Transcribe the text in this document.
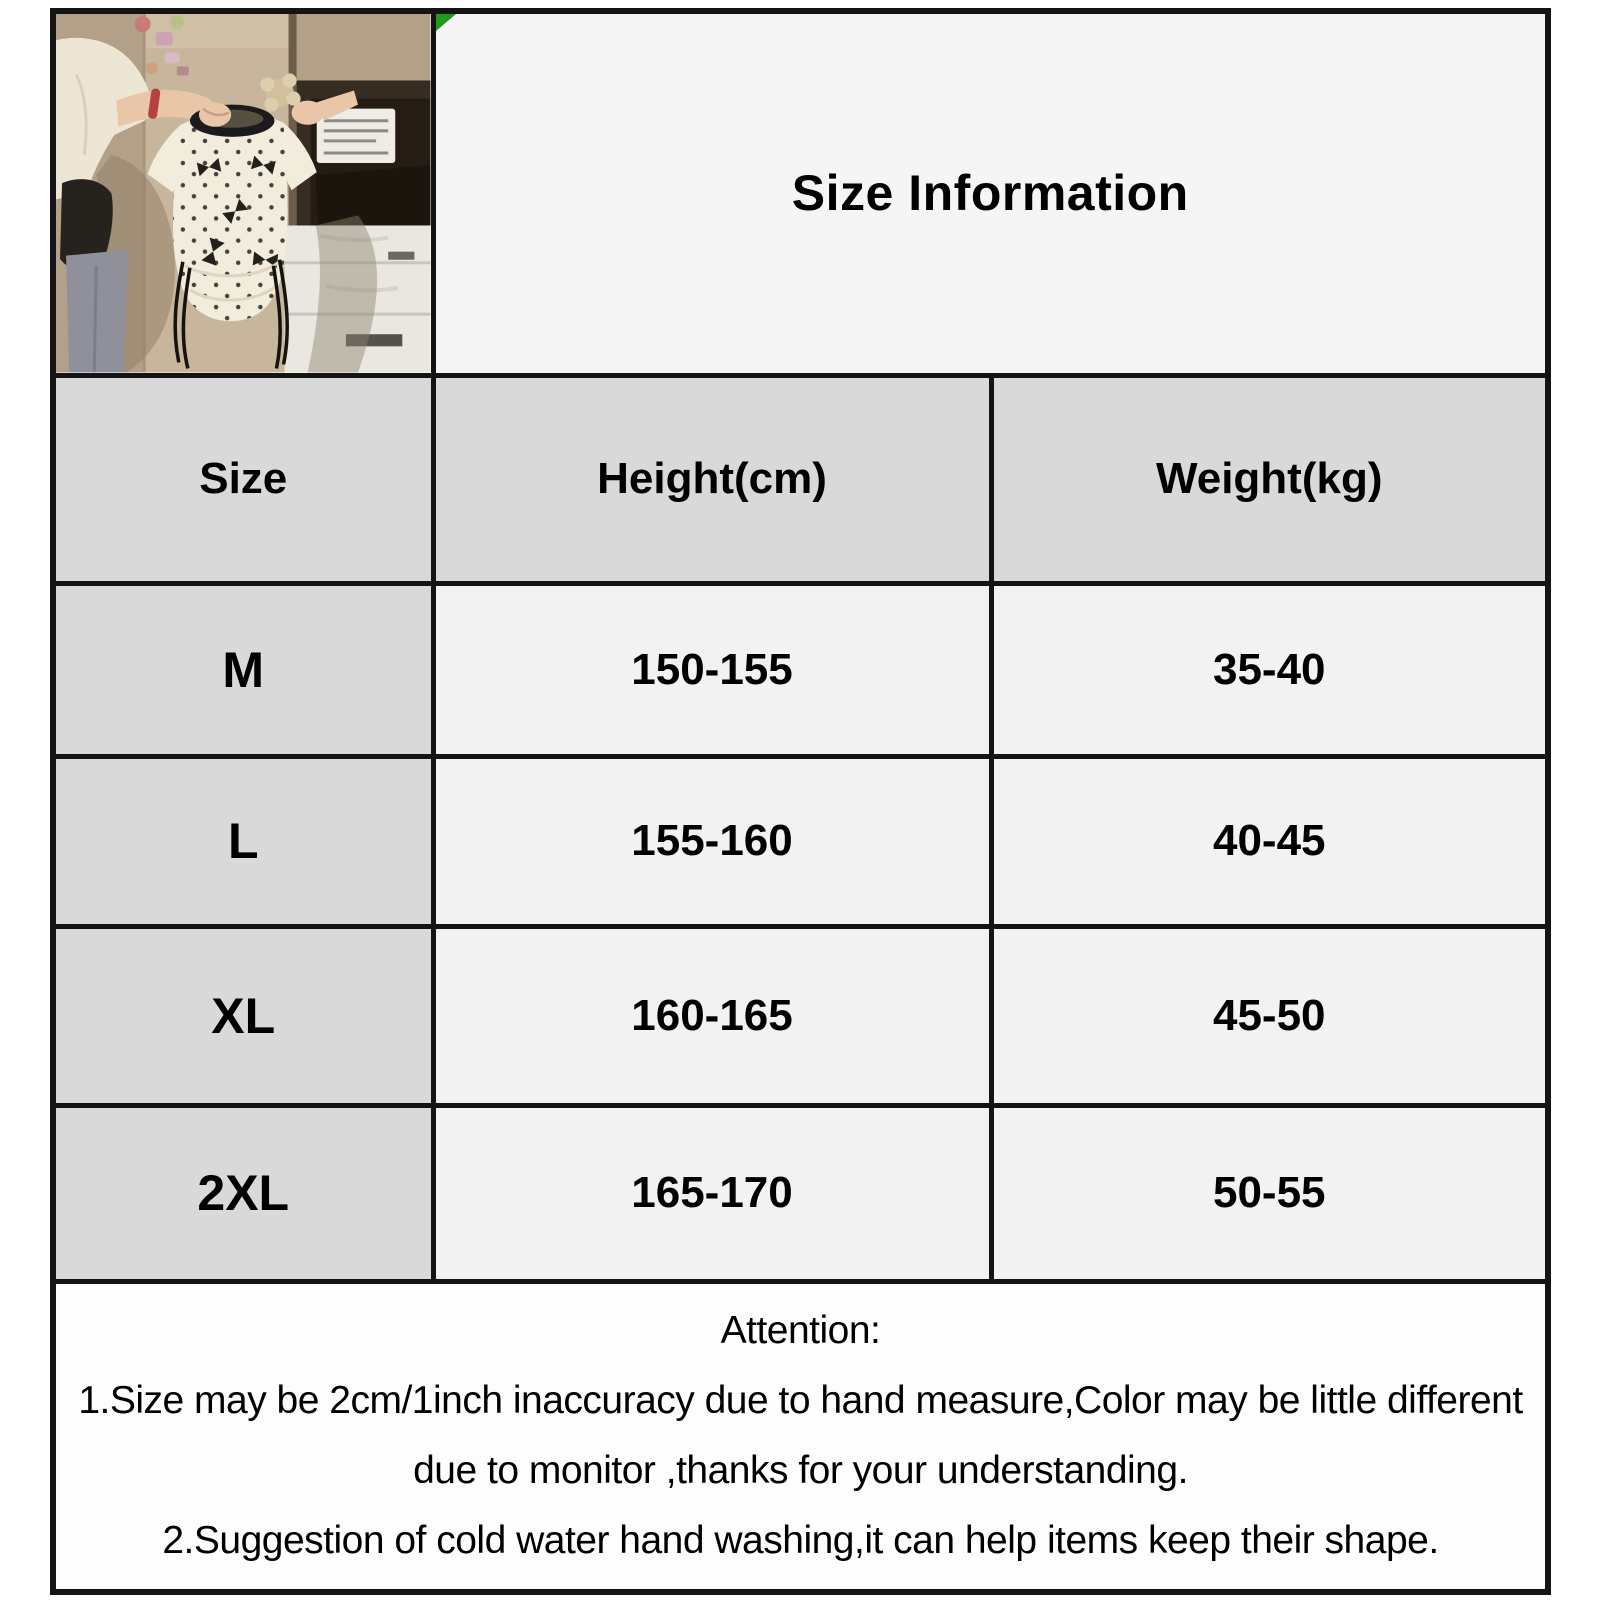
Size Information	
Size	Height(cm)	Weight(kg)
M	150-155	35-40
L	155-160	40-45
XL	160-165	45-50
2XL	165-170	50-55

Attention:

1.Size may be 2cm/1inch inaccuracy due to hand measure,Color may be little different due to monitor ,thanks for your understanding.

2.Suggestion of cold water hand washing,it can help items keep their shape.		
